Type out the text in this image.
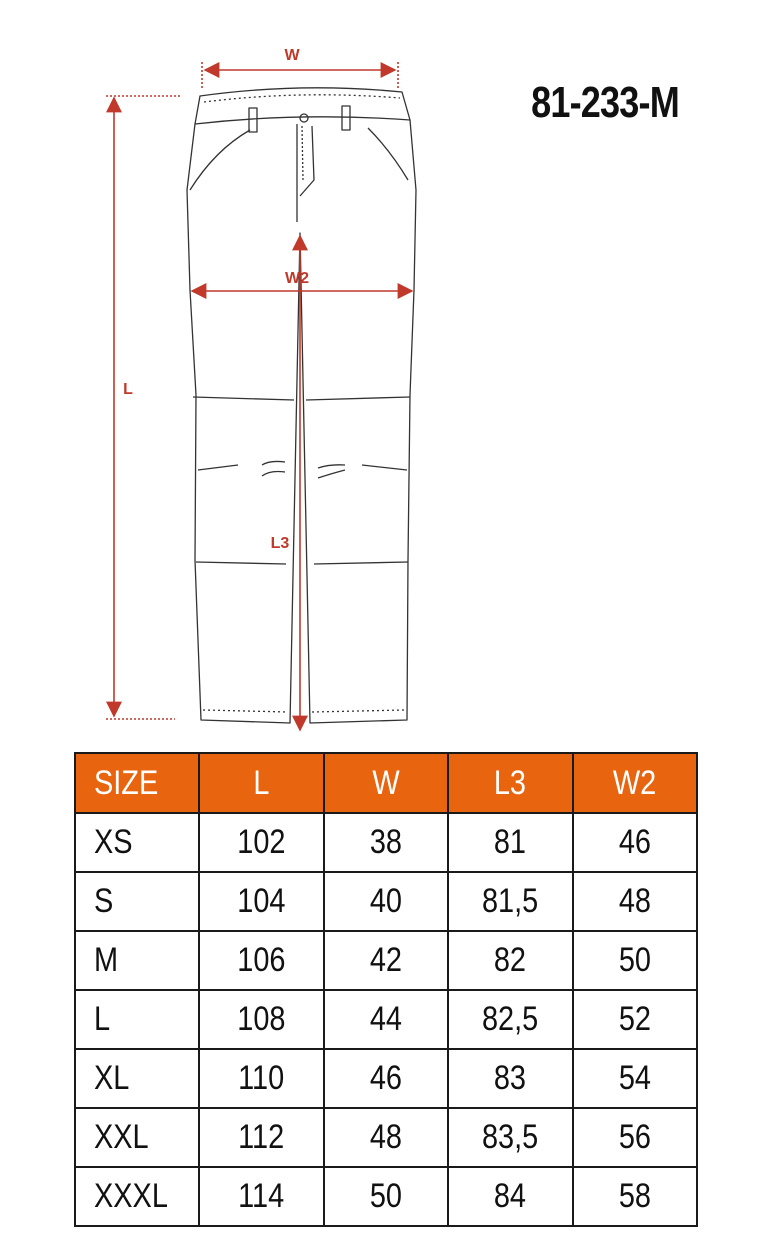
W
W2
L
L3
81-233-M
SIZE	L	W	L3	W2
XS	102	38	81	46
S	104	40	81,5	48
M	106	42	82	50
L	108	44	82,5	52
XL	110	46	83	54
XXL	112	48	83,5	56
XXXL	114	50	84	58
